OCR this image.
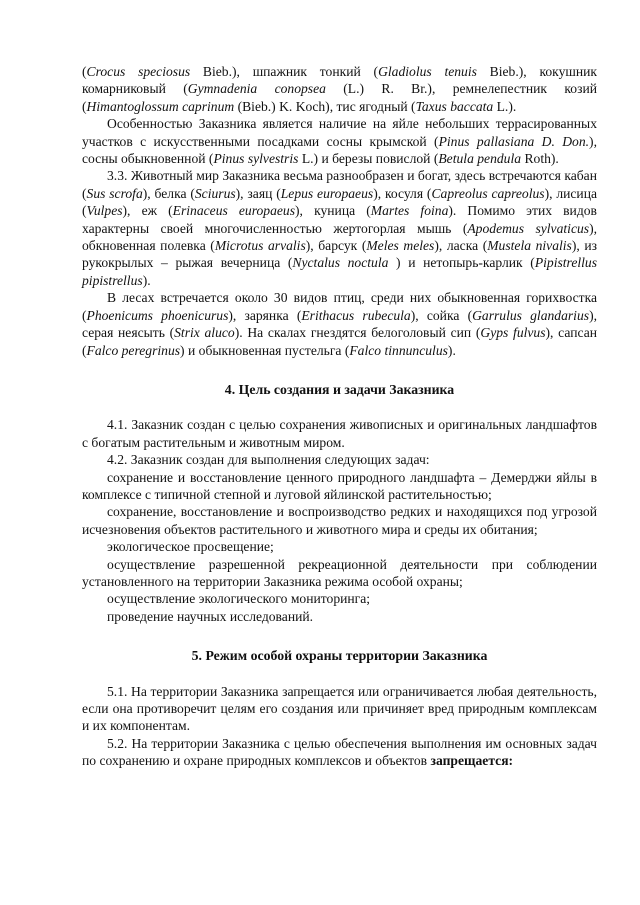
(Crocus speciosus Bieb.), шпажник тонкий (Gladiolus tenuis Bieb.), кокушник комарниковый (Gymnadenia conopsea (L.) R. Br.), ремнелепестник козий (Himantoglossum caprinum (Bieb.) K. Koch), тис ягодный (Taxus baccata L.).

Особенностью Заказника является наличие на яйле небольших террасированных участков с искусственными посадками сосны крымской (Pinus pallasiana D. Don.), сосны обыкновенной (Pinus sylvestris L.) и березы повислой (Betula pendula Roth).

3.3. Животный мир Заказника весьма разнообразен и богат, здесь встречаются кабан (Sus scrofa), белка (Sciurus), заяц (Lepus europaeus), косуля (Capreolus capreolus), лисица (Vulpes), еж (Erinaceus europaeus), куница (Martes foina). Помимо этих видов характерны своей многочисленностью жертогорлая мышь (Apodemus sylvaticus), обкновенная полевка (Microtus arvalis), барсук (Meles meles), ласка (Mustela nivalis), из рукокрылых – рыжая вечерница (Nyctalus noctula ) и нетопырь-карлик (Pipistrellus pipistrellus).

В лесах встречается около 30 видов птиц, среди них обыкновенная горихвостка (Phoenicums phoenicurus), зарянка (Erithacus rubecula), сойка (Garrulus glandarius), серая неясыть (Strix aluco). На скалах гнездятся белоголовый сип (Gyps fulvus), сапсан (Falco peregrinus) и обыкновенная пустельга (Falco tinnunculus).

4. Цель создания и задачи Заказника

4.1. Заказник создан с целью сохранения живописных и оригинальных ландшафтов с богатым растительным и животным миром.

4.2. Заказник создан для выполнения следующих задач:

сохранение и восстановление ценного природного ландшафта – Демерджи яйлы в комплексе с типичной степной и луговой яйлинской растительностью;

сохранение, восстановление и воспроизводство редких и находящихся под угрозой исчезновения объектов растительного и животного мира и среды их обитания;

экологическое просвещение;

осуществление разрешенной рекреационной деятельности при соблюдении установленного на территории Заказника режима особой охраны;

осуществление экологического мониторинга;

проведение научных исследований.

5. Режим особой охраны территории Заказника

5.1. На территории Заказника запрещается или ограничивается любая деятельность, если она противоречит целям его создания или причиняет вред природным комплексам и их компонентам.

5.2. На территории Заказника с целью обеспечения выполнения им основных задач по сохранению и охране природных комплексов и объектов запрещается:
